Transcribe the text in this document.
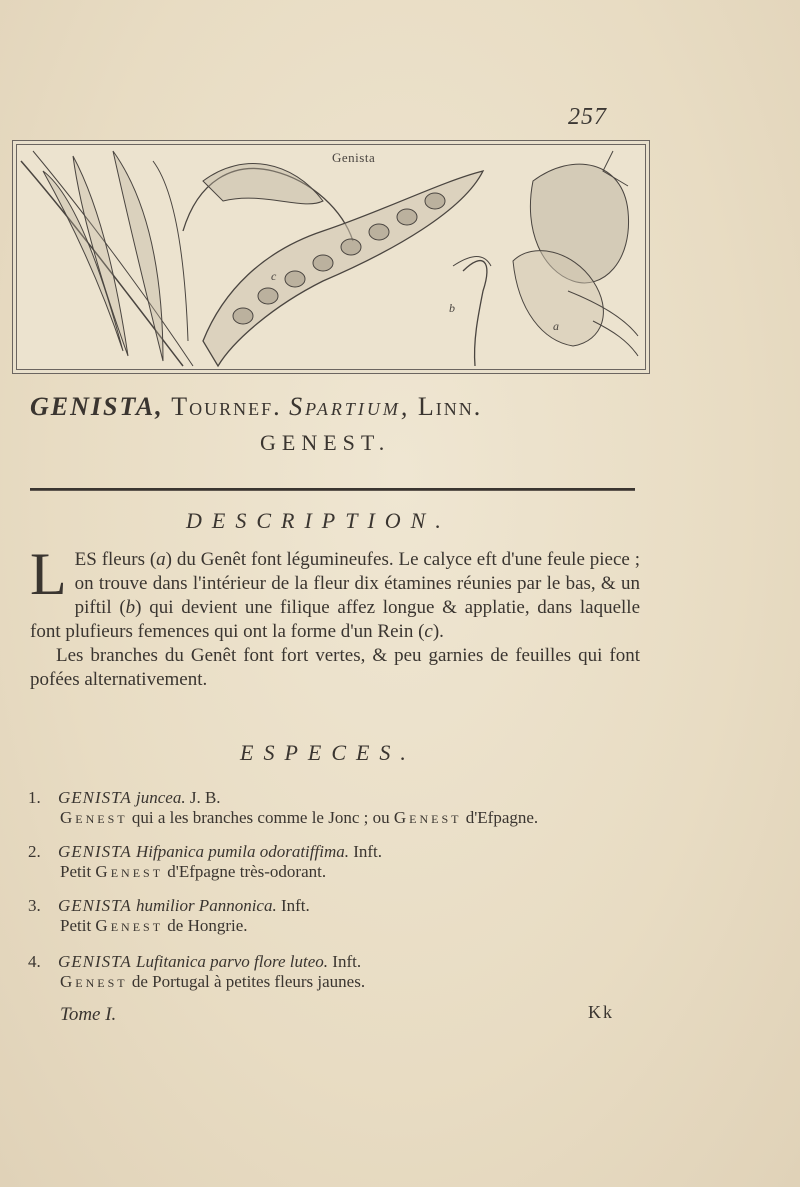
257
c
b
a
Genista
GENISTA, Tournef. Spartium, Linn.
GENEST.
DESCRIPTION.

LES fleurs (a) du Genêt font légumineufes. Le calyce eft d'une feule piece ; on trouve dans l'intérieur de la fleur dix étamines réunies par le bas, & un piftil (b) qui devient une filique affez longue & applatie, dans laquelle font plufieurs femences qui ont la forme d'un Rein (c).

Les branches du Genêt font fort vertes, & peu garnies de feuilles qui font pofées alternativement.

ESPECES.
1. GENISTA juncea. J. B.
Genest qui a les branches comme le Jonc ; ou Genest d'Efpagne.
2. GENISTA Hifpanica pumila odoratiffima. Inft.
Petit Genest d'Efpagne très-odorant.
3. GENISTA humilior Pannonica. Inft.
Petit Genest de Hongrie.
4. GENISTA Lufitanica parvo flore luteo. Inft.
Genest de Portugal à petites fleurs jaunes.
Tome I.	Kk
